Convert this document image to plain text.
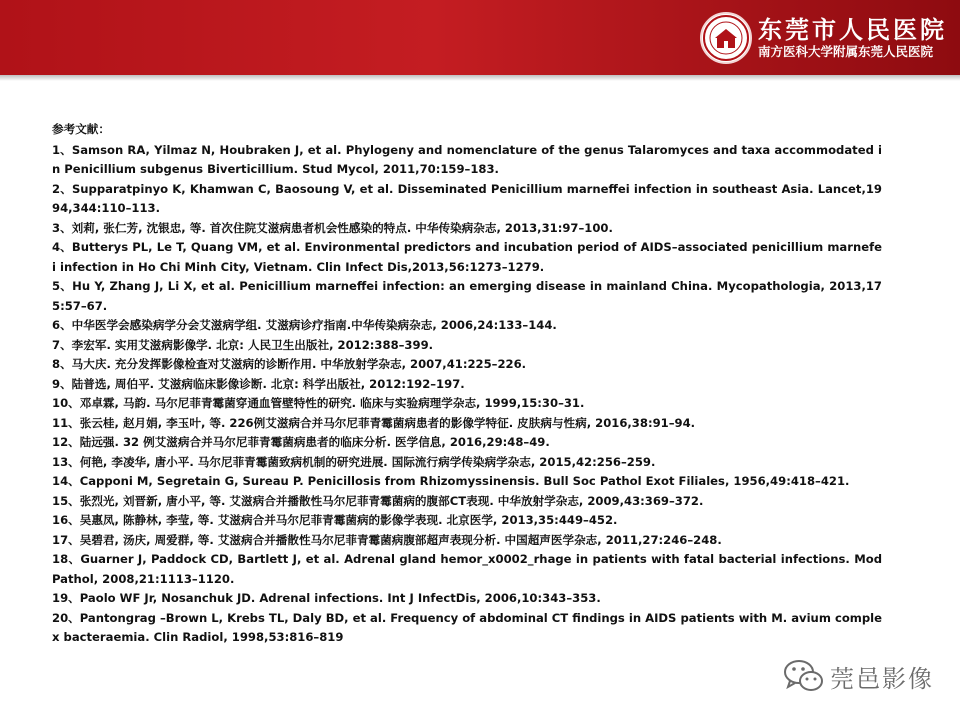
东莞市人民医院
南方医科大学附属东莞人民医院
参考文献：
1、Samson RA, Yilmaz N, Houbraken J, et al. Phylogeny and nomenclature of the genus Talaromyces and taxa accommodated in Penicillium subgenus Biverticillium. Stud Mycol, 2011,70:159–183.
2、Supparatpinyo K, Khamwan C, Baosoung V, et al. Disseminated Penicillium marneffei infection in southeast Asia. Lancet,1994,344:110–113.
3、刘莉, 张仁芳, 沈银忠, 等. 首次住院艾滋病患者机会性感染的特点. 中华传染病杂志, 2013,31:97–100.
4、Butterys PL, Le T, Quang VM, et al. Environmental predictors and incubation period of AIDS–associated penicillium marnefei infection in Ho Chi Minh City, Vietnam. Clin Infect Dis,2013,56:1273–1279.
5、Hu Y, Zhang J, Li X, et al. Penicillium marneffei infection: an emerging disease in mainland China. Mycopathologia, 2013,175:57–67.
6、中华医学会感染病学分会艾滋病学组. 艾滋病诊疗指南.中华传染病杂志, 2006,24:133–144.
7、李宏军. 实用艾滋病影像学. 北京: 人民卫生出版社, 2012:388–399.
8、马大庆. 充分发挥影像检查对艾滋病的诊断作用. 中华放射学杂志, 2007,41:225–226.
9、陆普选, 周伯平. 艾滋病临床影像诊断. 北京: 科学出版社, 2012:192–197.
10、邓卓霖, 马韵. 马尔尼菲青霉菌穿通血管壁特性的研究. 临床与实验病理学杂志, 1999,15:30–31.
11、张云桂, 赵月娟, 李玉叶, 等. 226例艾滋病合并马尔尼菲青霉菌病患者的影像学特征. 皮肤病与性病, 2016,38:91–94.
12、陆远强. 32 例艾滋病合并马尔尼菲青霉菌病患者的临床分析. 医学信息, 2016,29:48–49.
13、何艳, 李凌华, 唐小平. 马尔尼菲青霉菌致病机制的研究进展. 国际流行病学传染病学杂志, 2015,42:256–259.
14、Capponi M, Segretain G, Sureau P. Penicillosis from Rhizomyssinensis. Bull Soc Pathol Exot Filiales, 1956,49:418–421.
15、张烈光, 刘晋新, 唐小平, 等. 艾滋病合并播散性马尔尼菲青霉菌病的腹部CT表现. 中华放射学杂志, 2009,43:369–372.
16、吴惠凤, 陈静林, 李莹, 等. 艾滋病合并马尔尼菲青霉菌病的影像学表现. 北京医学, 2013,35:449–452.
17、吴碧君, 汤庆, 周爱群, 等. 艾滋病合并播散性马尔尼菲青霉菌病腹部超声表现分析. 中国超声医学杂志, 2011,27:246–248.
18、Guarner J, Paddock CD, Bartlett J, et al. Adrenal gland hemor_x0002_rhage in patients with fatal bacterial infections. Mod Pathol, 2008,21:1113–1120.
19、Paolo WF Jr, Nosanchuk JD. Adrenal infections. Int J InfectDis, 2006,10:343–353.
20、Pantongrag –Brown L, Krebs TL, Daly BD, et al. Frequency of abdominal CT findings in AIDS patients with M. avium complex bacteraemia. Clin Radiol, 1998,53:816–819
莞邑影像
